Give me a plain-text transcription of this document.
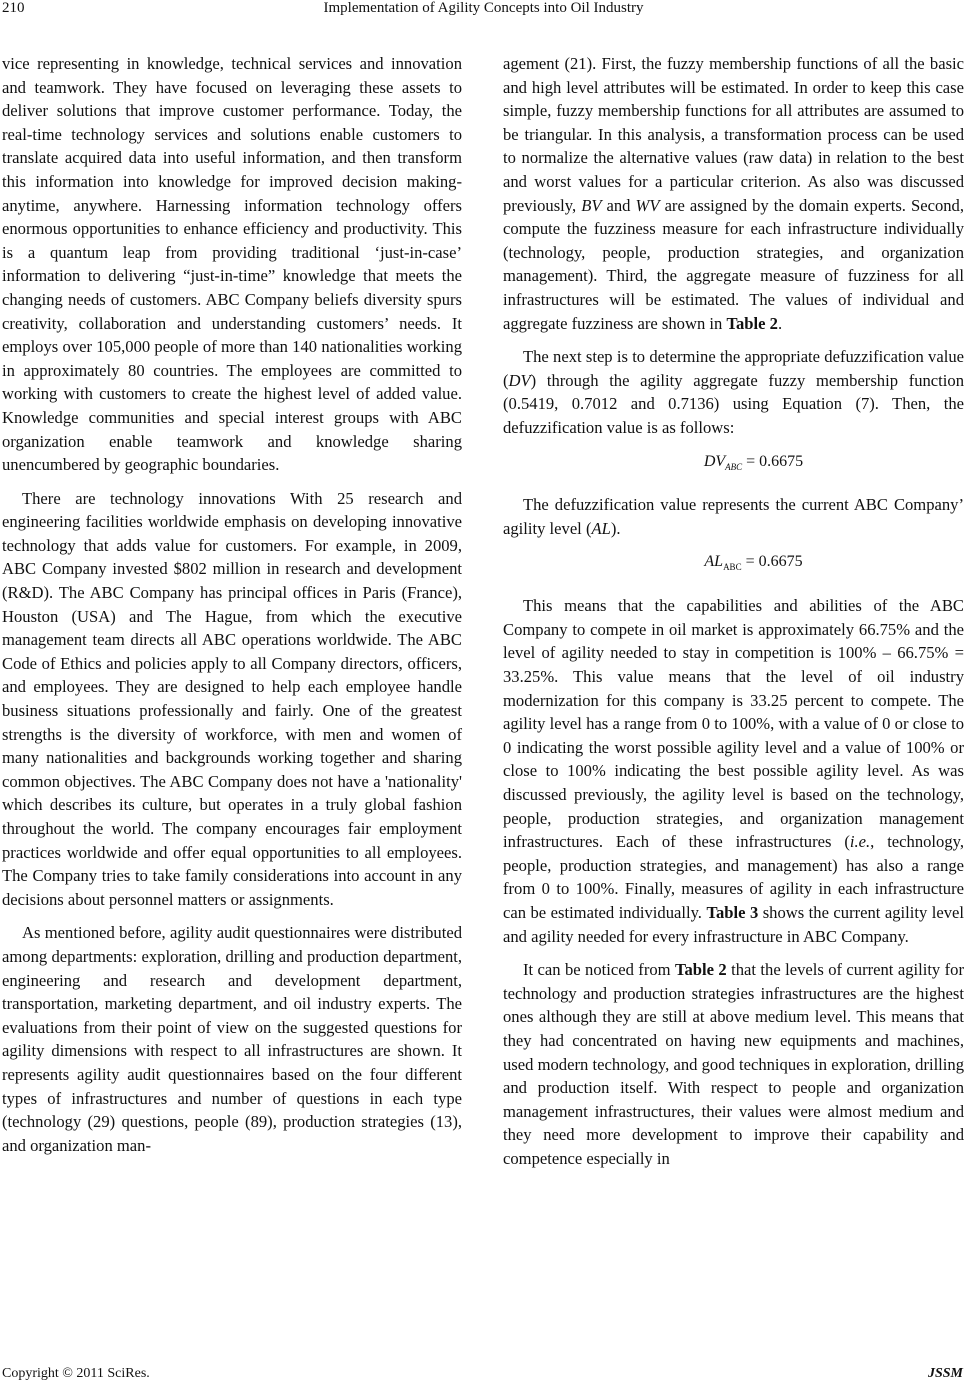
210	Implementation of Agility Concepts into Oil Industry

vice representing in knowledge, technical services and innovation and teamwork. They have focused on leveraging these assets to deliver solutions that improve customer performance. Today, the real-time technology services and solutions enable customers to translate acquired data into useful information, and then transform this information into knowledge for improved decision making-anytime, anywhere. Harnessing information technology offers enormous opportunities to enhance efficiency and productivity. This is a quantum leap from providing traditional ‘just-in-case’ information to delivering “just-in-time” knowledge that meets the changing needs of customers. ABC Company beliefs diversity spurs creativity, collaboration and understanding customers’ needs. It employs over 105,000 people of more than 140 nationalities working in approximately 80 countries. The employees are committed to working with customers to create the highest level of added value. Knowledge communities and special interest groups with ABC organization enable teamwork and knowledge sharing unencumbered by geographic boundaries.

There are technology innovations With 25 research and engineering facilities worldwide emphasis on developing innovative technology that adds value for customers. For example, in 2009, ABC Company invested $802 million in research and development (R&D). The ABC Company has principal offices in Paris (France), Houston (USA) and The Hague, from which the executive management team directs all ABC operations worldwide. The ABC Code of Ethics and policies apply to all Company directors, officers, and employees. They are designed to help each employee handle business situations professionally and fairly. One of the greatest strengths is the diversity of workforce, with men and women of many nationalities and backgrounds working together and sharing common objectives. The ABC Company does not have a 'nationality' which describes its culture, but operates in a truly global fashion throughout the world. The company encourages fair employment practices worldwide and offer equal opportunities to all employees. The Company tries to take family considerations into account in any decisions about personnel matters or assignments.

As mentioned before, agility audit questionnaires were distributed among departments: exploration, drilling and production department, engineering and research and development department, transportation, marketing department, and oil industry experts. The evaluations from their point of view on the suggested questions for agility dimensions with respect to all infrastructures are shown. It represents agility audit questionnaires based on the four different types of infrastructures and number of questions in each type (technology (29) questions, people (89), production strategies (13), and organization man-

agement (21). First, the fuzzy membership functions of all the basic and high level attributes will be estimated. In order to keep this case simple, fuzzy membership functions for all attributes are assumed to be triangular. In this analysis, a transformation process can be used to normalize the alternative values (raw data) in relation to the best and worst values for a particular criterion. As also was discussed previously, BV and WV are assigned by the domain experts. Second, compute the fuzziness measure for each infrastructure individually (technology, people, production strategies, and organization management). Third, the aggregate measure of fuzziness for all infrastructures will be estimated. The values of individual and aggregate fuzziness are shown in Table 2.

The next step is to determine the appropriate defuzzification value (DV) through the agility aggregate fuzzy membership function (0.5419, 0.7012 and 0.7136) using Equation (7). Then, the defuzzification value is as follows:

$DV_{ABC} = 0.6675$

The defuzzification value represents the current ABC Company’ agility level (AL).

$AL_{ABC} = 0.6675$

This means that the capabilities and abilities of the ABC Company to compete in oil market is approximately 66.75% and the level of agility needed to stay in competition is 100% – 66.75% = 33.25%. This value means that the level of oil industry modernization for this company is 33.25 percent to compete. The agility level has a range from 0 to 100%, with a value of 0 or close to 0 indicating the worst possible agility level and a value of 100% or close to 100% indicating the best possible agility level. As was discussed previously, the agility level is based on the technology, people, production strategies, and organization management infrastructures. Each of these infrastructures (i.e., technology, people, production strategies, and management) has also a range from 0 to 100%. Finally, measures of agility in each infrastructure can be estimated individually. Table 3 shows the current agility level and agility needed for every infrastructure in ABC Company.

It can be noticed from Table 2 that the levels of current agility for technology and production strategies infrastructures are the highest ones although they are still at above medium level. This means that they had concentrated on having new equipments and machines, used modern technology, and good techniques in exploration, drilling and production itself. With respect to people and organization management infrastructures, their values were almost medium and they need more development to improve their capability and competence especially in

Copyright © 2011 SciRes.	JSSM
